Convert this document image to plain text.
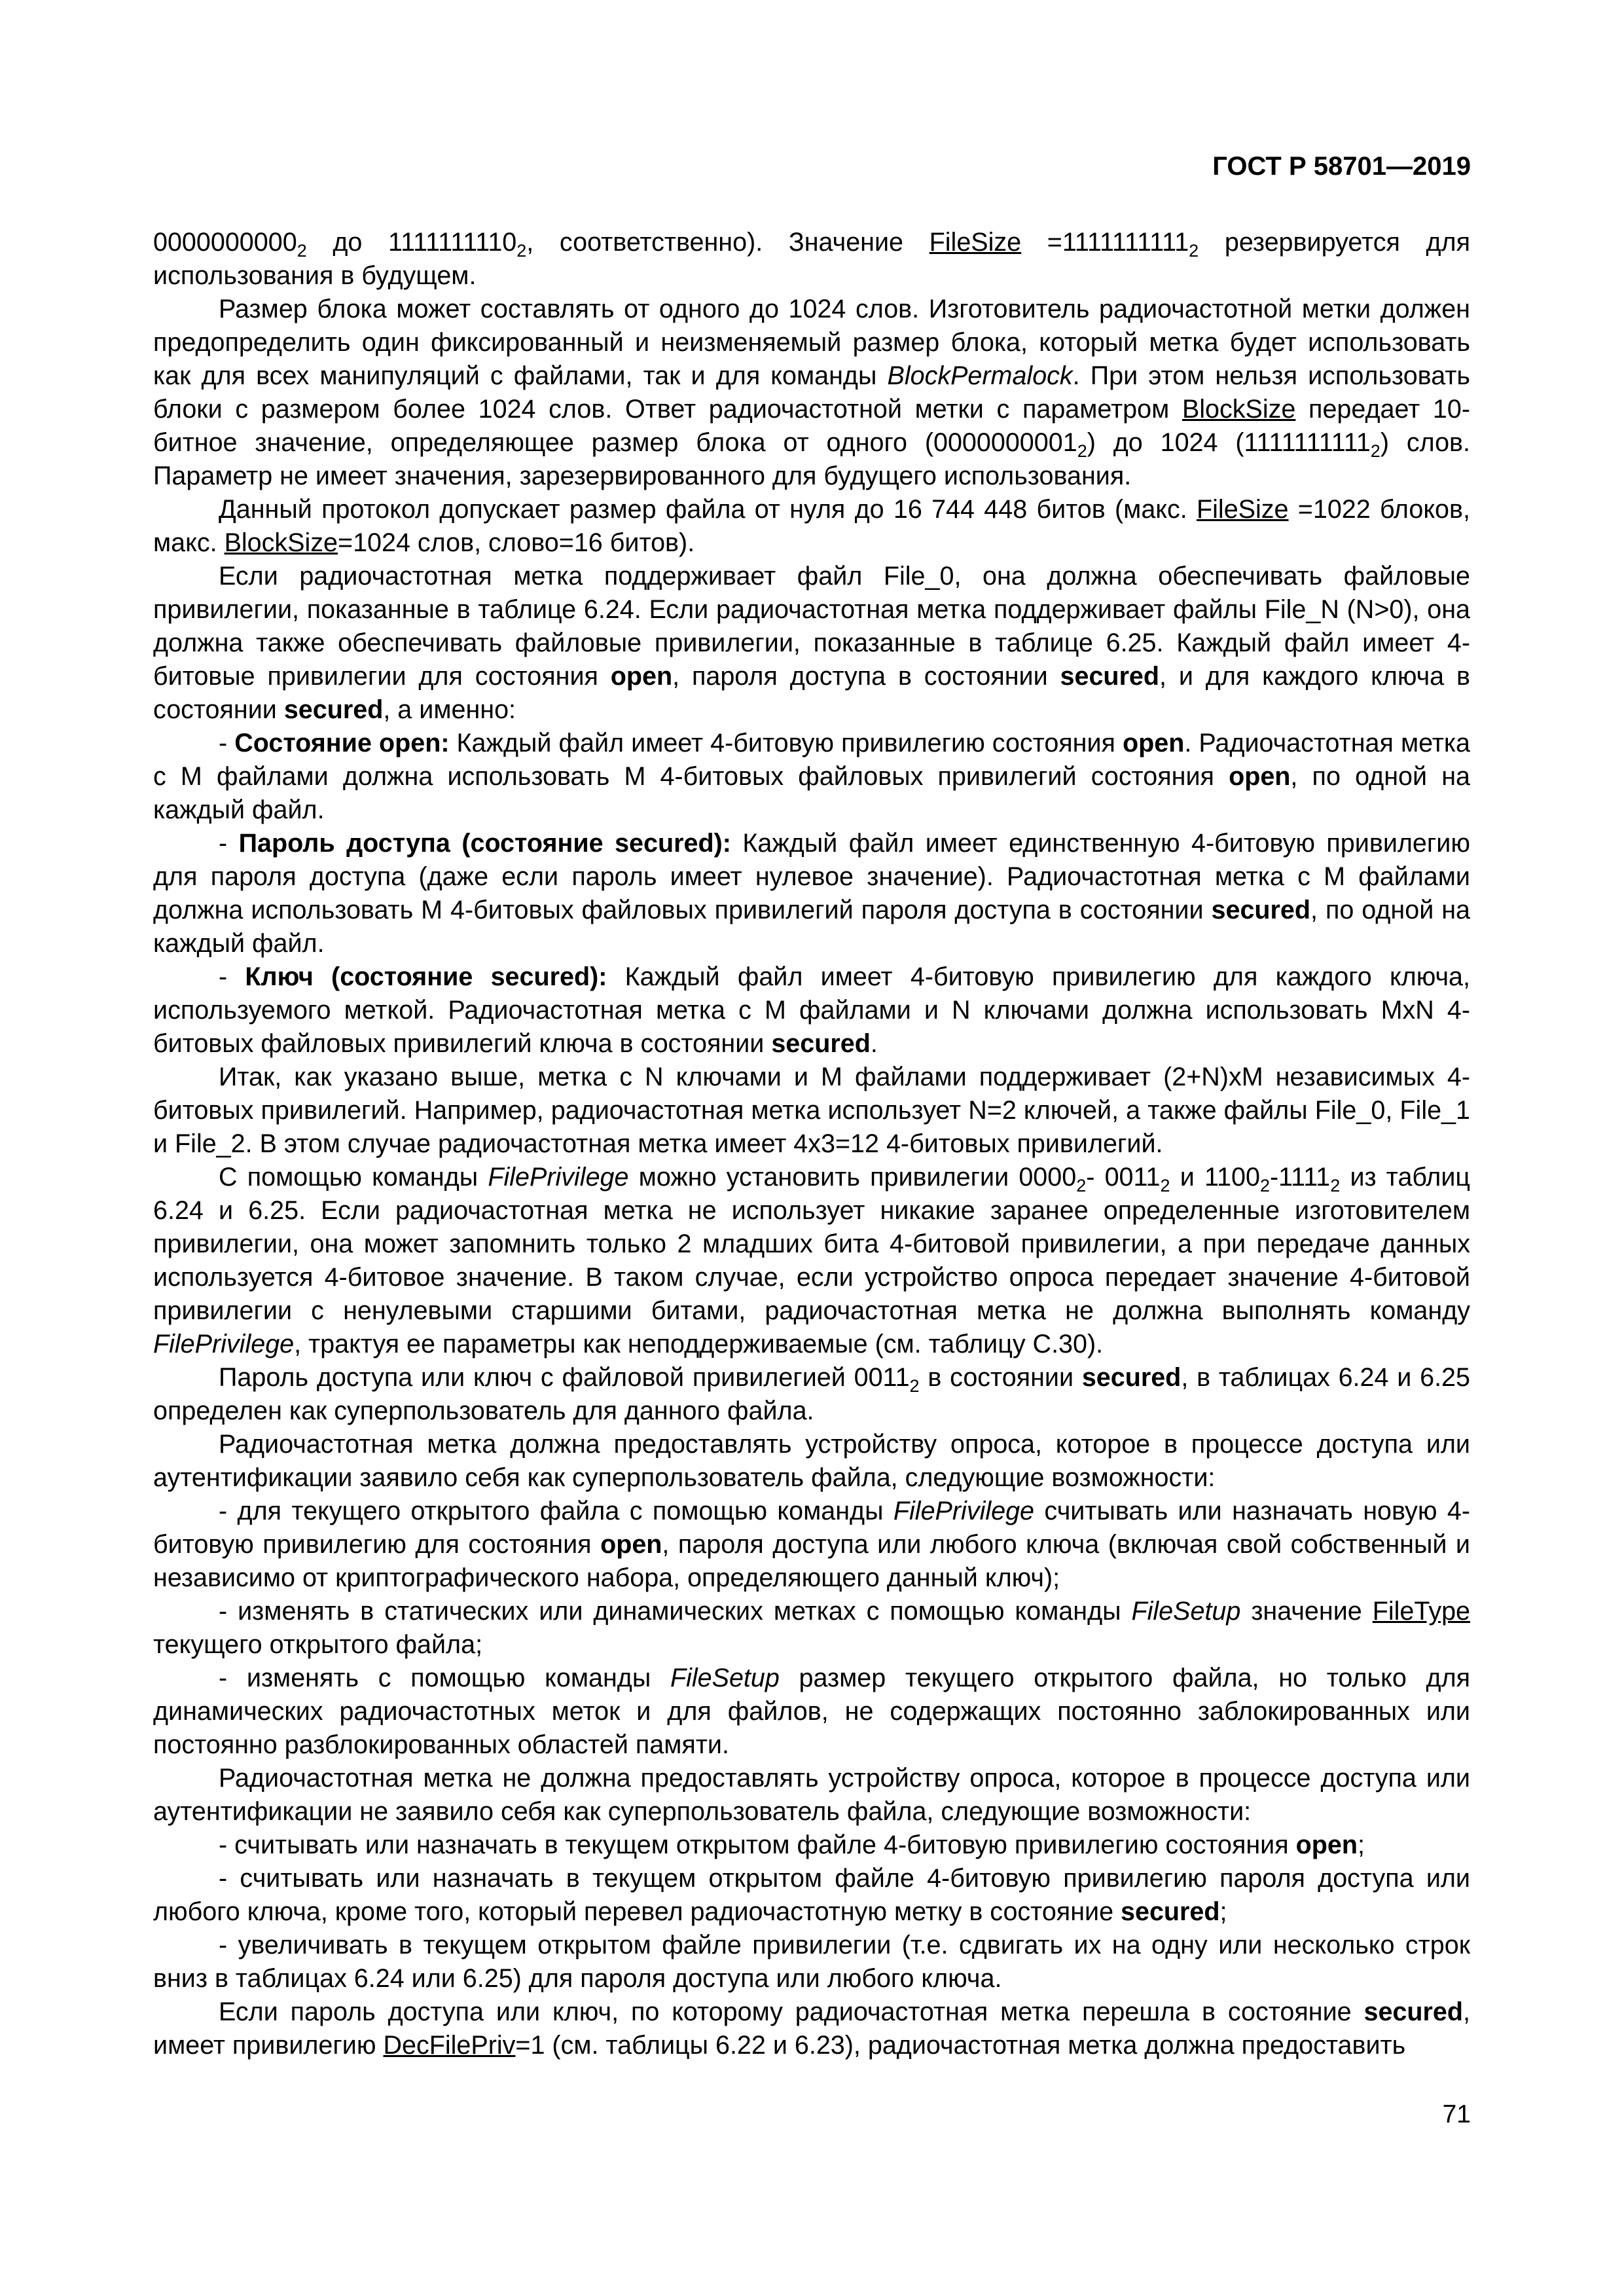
ГОСТ Р 58701—2019

$0000000000_2$ до $1111111110_2$, соответственно). Значение FileSize $=1111111111_2$ резервируется для использования в будущем.

Размер блока может составлять от одного до 1024 слов. Изготовитель радиочастотной метки должен предопределить один фиксированный и неизменяемый размер блока, который метка будет использовать как для всех манипуляций с файлами, так и для команды BlockPermalock. При этом нельзя использовать блоки с размером более 1024 слов. Ответ радиочастотной метки с параметром BlockSize передает 10-битное значение, определяющее размер блока от одного $(0000000001_2)$ до 1024 $(1111111111_2)$ слов. Параметр не имеет значения, зарезервированного для будущего использования.

Данный протокол допускает размер файла от нуля до 16 744 448 битов (макс. FileSize =1022 блоков, макс. BlockSize=1024 слов, слово=16 битов).

Если радиочастотная метка поддерживает файл File_0, она должна обеспечивать файловые привилегии, показанные в таблице 6.24. Если радиочастотная метка поддерживает файлы File_N (N>0), она должна также обеспечивать файловые привилегии, показанные в таблице 6.25. Каждый файл имеет 4-битовые привилегии для состояния open, пароля доступа в состоянии secured, и для каждого ключа в состоянии secured, а именно:

- Состояние open: Каждый файл имеет 4-битовую привилегию состояния open. Радиочастотная метка с M файлами должна использовать M 4-битовых файловых привилегий состояния open, по одной на каждый файл.

- Пароль доступа (состояние secured): Каждый файл имеет единственную 4-битовую привилегию для пароля доступа (даже если пароль имеет нулевое значение). Радиочастотная метка с M файлами должна использовать M 4-битовых файловых привилегий пароля доступа в состоянии secured, по одной на каждый файл.

- Ключ (состояние secured): Каждый файл имеет 4-битовую привилегию для каждого ключа, используемого меткой. Радиочастотная метка с M файлами и N ключами должна использовать MxN 4-битовых файловых привилегий ключа в состоянии secured.

Итак, как указано выше, метка с N ключами и M файлами поддерживает (2+N)xM независимых 4-битовых привилегий. Например, радиочастотная метка использует N=2 ключей, а также файлы File_0, File_1 и File_2. В этом случае радиочастотная метка имеет 4x3=12 4-битовых привилегий.

С помощью команды FilePrivilege можно установить привилегии $0000_2-$ $0011_2$ и $1100_2-1111_2$ из таблиц 6.24 и 6.25. Если радиочастотная метка не использует никакие заранее определенные изготовителем привилегии, она может запомнить только 2 младших бита 4-битовой привилегии, а при передаче данных используется 4-битовое значение. В таком случае, если устройство опроса передает значение 4-битовой привилегии с ненулевыми старшими битами, радиочастотная метка не должна выполнять команду FilePrivilege, трактуя ее параметры как неподдерживаемые (см. таблицу С.30).

Пароль доступа или ключ с файловой привилегией $0011_2$ в состоянии secured, в таблицах 6.24 и 6.25 определен как суперпользователь для данного файла.

Радиочастотная метка должна предоставлять устройству опроса, которое в процессе доступа или аутентификации заявило себя как суперпользователь файла, следующие возможности:

- для текущего открытого файла с помощью команды FilePrivilege считывать или назначать новую 4-битовую привилегию для состояния open, пароля доступа или любого ключа (включая свой собственный и независимо от криптографического набора, определяющего данный ключ);

- изменять в статических или динамических метках с помощью команды FileSetup значение FileType текущего открытого файла;

- изменять с помощью команды FileSetup размер текущего открытого файла, но только для динамических радиочастотных меток и для файлов, не содержащих постоянно заблокированных или постоянно разблокированных областей памяти.

Радиочастотная метка не должна предоставлять устройству опроса, которое в процессе доступа или аутентификации не заявило себя как суперпользователь файла, следующие возможности:

- считывать или назначать в текущем открытом файле 4-битовую привилегию состояния open;

- считывать или назначать в текущем открытом файле 4-битовую привилегию пароля доступа или любого ключа, кроме того, который перевел радиочастотную метку в состояние secured;

- увеличивать в текущем открытом файле привилегии (т.е. сдвигать их на одну или несколько строк вниз в таблицах 6.24 или 6.25) для пароля доступа или любого ключа.

Если пароль доступа или ключ, по которому радиочастотная метка перешла в состояние secured, имеет привилегию DecFilePriv=1 (см. таблицы 6.22 и 6.23), радиочастотная метка должна предоставить

71
